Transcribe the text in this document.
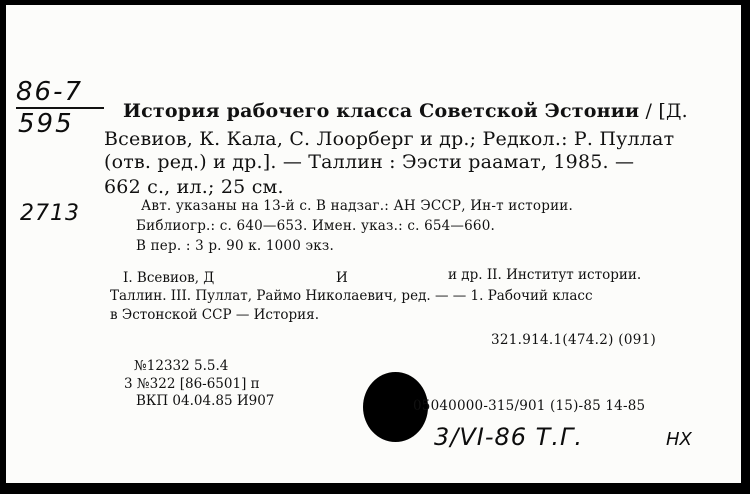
86-7
595
2713
История рабочего класса Советской Эстонии / [Д.
Всевиов, К. Кала, С. Лоорберг и др.; Редкол.: Р. Пуллат
(отв. ред.) и др.]. — Таллин : Ээсти раамат, 1985. —
662 с., ил.; 25 см.
Авт. указаны на 13-й с. В надзаг.: АН ЭССР, Ин-т истории.
Библиогр.: с. 640—653. Имен. указ.: с. 654—660.
В пер. : 3 р. 90 к. 1000 экз.
I. Всевиов, Д	И	и др. II. Институт истории.
Таллин. III. Пуллат, Раймо Николаевич, ред. — — 1. Рабочий класс
в Эстонской ССР — История.
321.914.1(474.2) (091)
№12332 5.5.4
3 №322 [86-6501] п
ВКП 04.04.85 И907	05040000-315/901 (15)-85 14-85
3/VI-86 Т.Г.	НХ
